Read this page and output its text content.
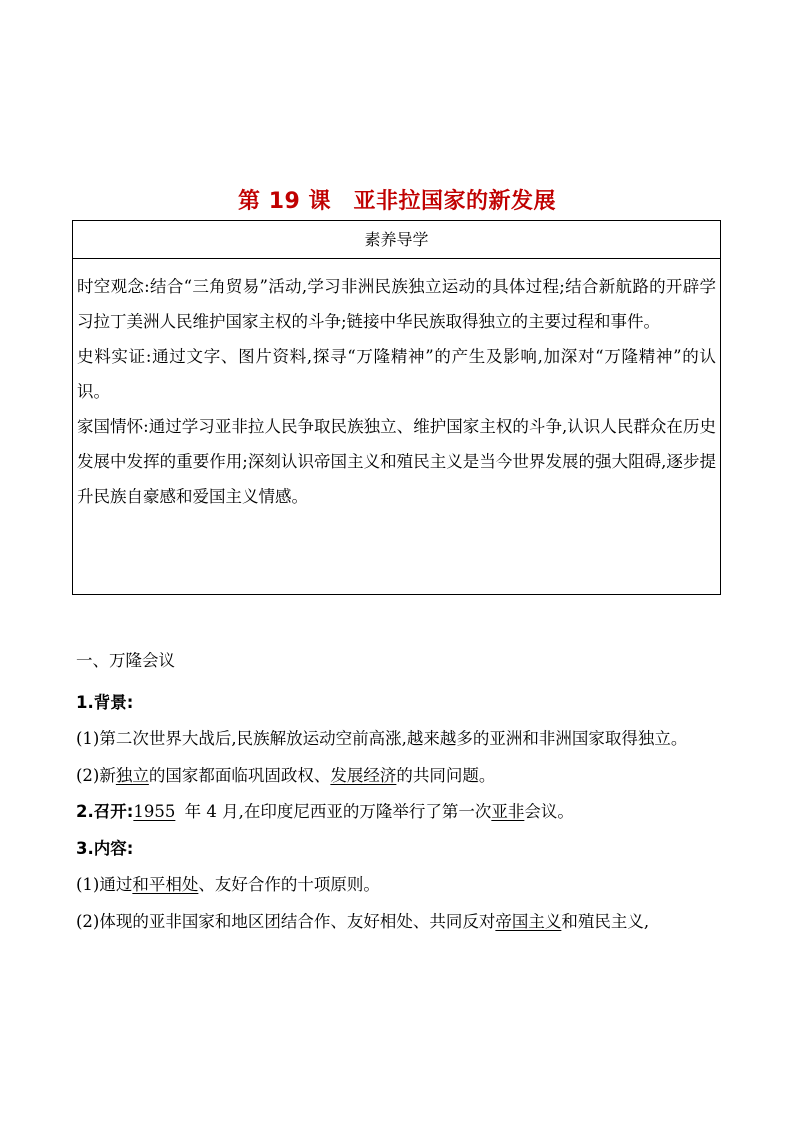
第 19 课　亚非拉国家的新发展
素养导学

时空观念:结合“三角贸易”活动,学习非洲民族独立运动的具体过程;结合新航路的开辟学习拉丁美洲人民维护国家主权的斗争;链接中华民族取得独立的主要过程和事件。

史料实证:通过文字、图片资料,探寻“万隆精神”的产生及影响,加深对“万隆精神”的认识。

家国情怀:通过学习亚非拉人民争取民族独立、维护国家主权的斗争,认识人民群众在历史发展中发挥的重要作用;深刻认识帝国主义和殖民主义是当今世界发展的强大阻碍,逐步提升民族自豪感和爱国主义情感。

一、万隆会议

1.背景:

(1)第二次世界大战后,民族解放运动空前高涨,越来越多的亚洲和非洲国家取得独立。

(2)新独立的国家都面临巩固政权、发展经济的共同问题。

2.召开:1955 年 4 月,在印度尼西亚的万隆举行了第一次亚非会议。

3.内容:

(1)通过和平相处、友好合作的十项原则。

(2)体现的亚非国家和地区团结合作、友好相处、共同反对帝国主义和殖民主义,
